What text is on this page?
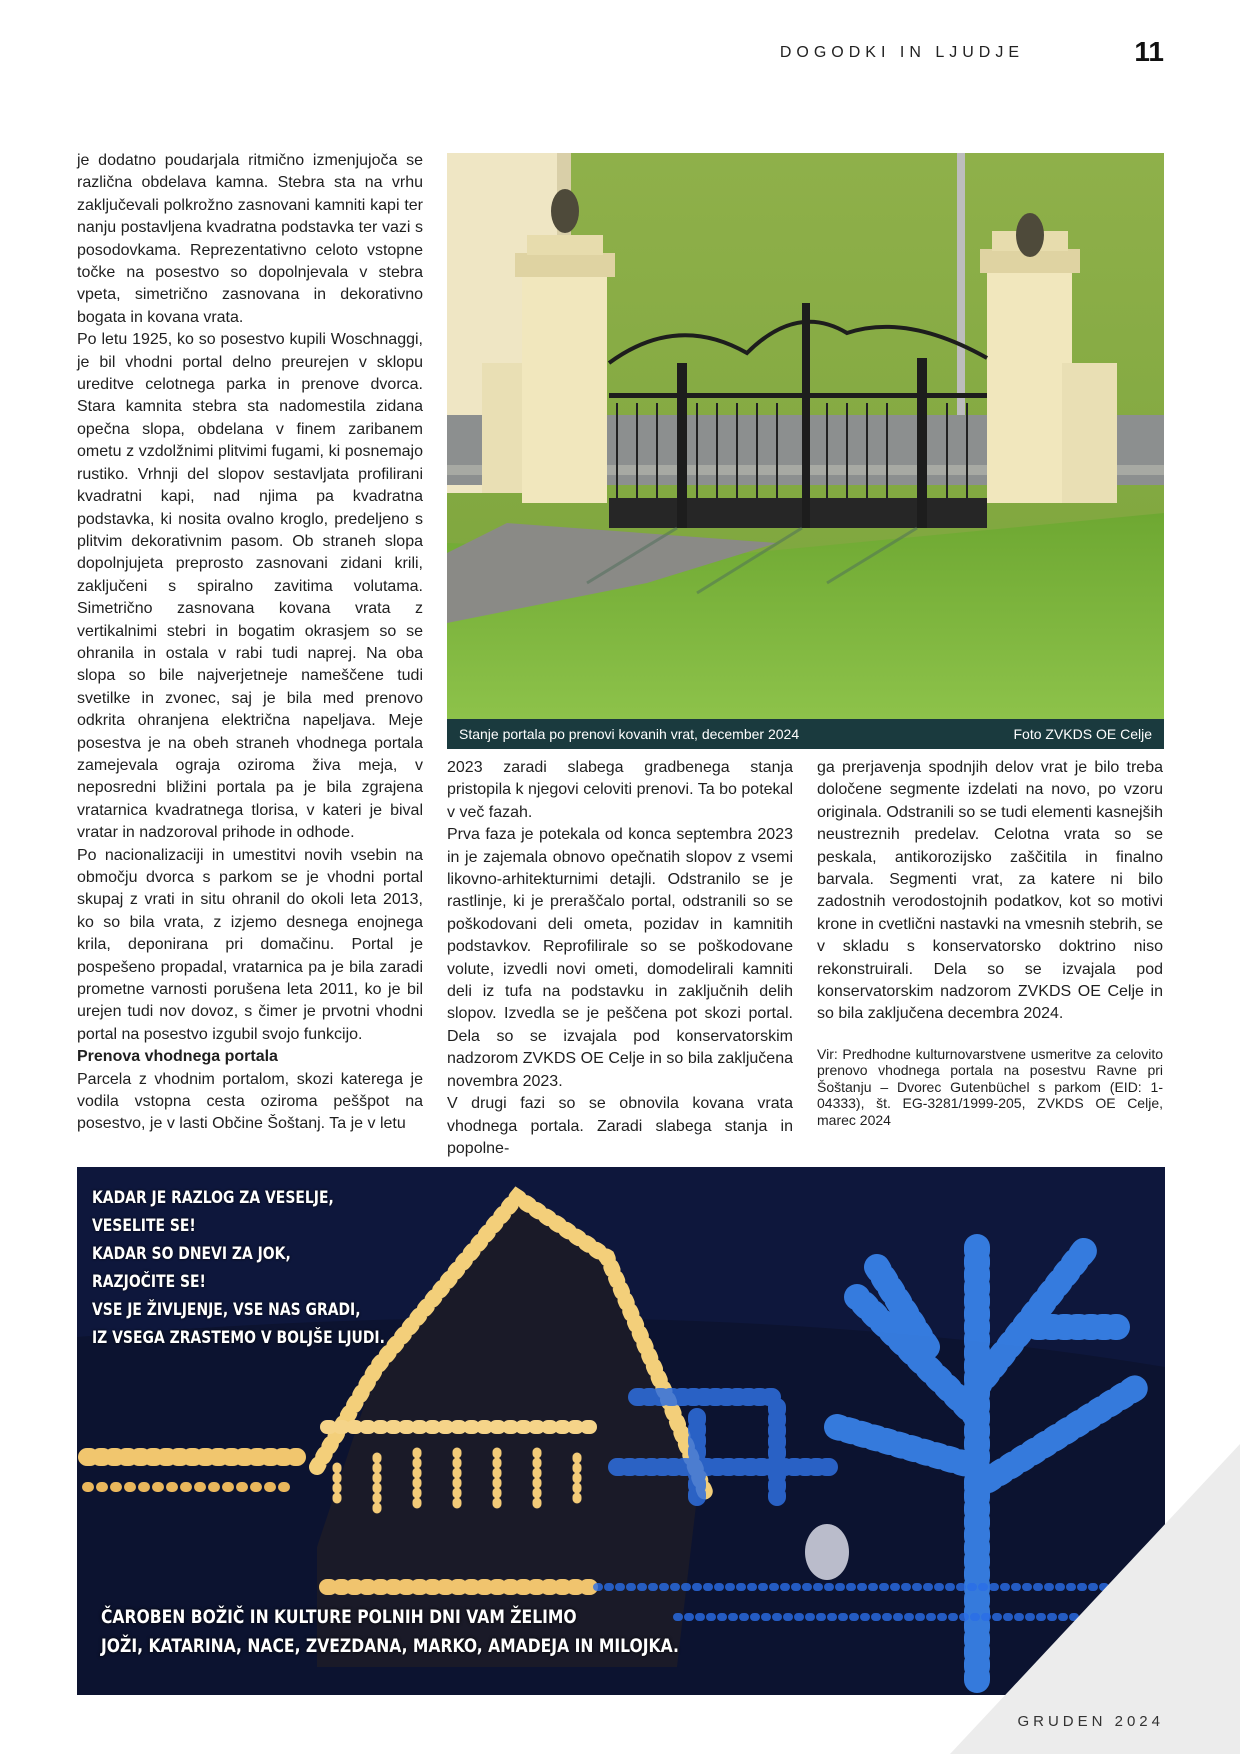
DOGODKI IN LJUDJE	11

je dodatno poudarjala ritmično izmenjujoča se različna obdelava kamna. Stebra sta na vrhu zaključevali polkrožno zasnovani kamniti kapi ter nanju postavljena kvadratna podstavka ter vazi s posodovkama. Reprezentativno celoto vstopne točke na posestvo so dopolnjevala v stebra vpeta, simetrično zasnovana in dekorativno bogata in kovana vrata.

Po letu 1925, ko so posestvo kupili Woschnaggi, je bil vhodni portal delno preurejen v sklopu ureditve celotnega parka in prenove dvorca. Stara kamnita stebra sta nadomestila zidana opečna slopa, obdelana v finem zaribanem ometu z vzdolžnimi plitvimi fugami, ki posnemajo rustiko. Vrhnji del slopov sestavljata profilirani kvadratni kapi, nad njima pa kvadratna podstavka, ki nosita ovalno kroglo, predeljeno s plitvim dekorativnim pasom. Ob straneh slopa dopolnjujeta preprosto zasnovani zidani krili, zaključeni s spiralno zavitima volutama. Simetrično zasnovana kovana vrata z vertikalnimi stebri in bogatim okrasjem so se ohranila in ostala v rabi tudi naprej. Na oba slopa so bile najverjetneje nameščene tudi svetilke in zvonec, saj je bila med prenovo odkrita ohranjena električna napeljava. Meje posestva je na obeh straneh vhodnega portala zamejevala ograja oziroma živa meja, v neposredni bližini portala pa je bila zgrajena vratarnica kvadratnega tlorisa, v kateri je bival vratar in nadzoroval prihode in odhode.

Po nacionalizaciji in umestitvi novih vsebin na območju dvorca s parkom se je vhodni portal skupaj z vrati in situ ohranil do okoli leta 2013, ko so bila vrata, z izjemo desnega enojnega krila, deponirana pri domačinu. Portal je pospešeno propadal, vratarnica pa je bila zaradi prometne varnosti porušena leta 2011, ko je bil urejen tudi nov dovoz, s čimer je prvotni vhodni portal na posestvo izgubil svojo funkcijo.

Prenova vhodnega portala

Parcela z vhodnim portalom, skozi katerega je vodila vstopna cesta oziroma peššpot na posestvo, je v lasti Občine Šoštanj. Ta je v letu

Stanje portala po prenovi kovanih vrat, december 2024	Foto ZVKDS OE Celje

2023 zaradi slabega gradbenega stanja pristopila k njegovi celoviti prenovi. Ta bo potekal v več fazah.

Prva faza je potekala od konca septembra 2023 in je zajemala obnovo opečnatih slopov z vsemi likovno-arhitekturnimi detajli. Odstranilo se je rastlinje, ki je preraščalo portal, odstranili so se poškodovani deli ometa, pozidav in kamnitih podstavkov. Reprofilirale so se poškodovane volute, izvedli novi ometi, domodelirali kamniti deli iz tufa na podstavku in zaključnih delih slopov. Izvedla se je peščena pot skozi portal. Dela so se izvajala pod konservatorskim nadzorom ZVKDS OE Celje in so bila zaključena novembra 2023.

V drugi fazi so se obnovila kovana vrata vhodnega portala. Zaradi slabega stanja in popolne-

ga prerjavenja spodnjih delov vrat je bilo treba določene segmente izdelati na novo, po vzoru originala. Odstranili so se tudi elementi kasnejših neustreznih predelav. Celotna vrata so se peskala, antikorozijsko zaščitila in finalno barvala. Segmenti vrat, za katere ni bilo zadostnih verodostojnih podatkov, kot so motivi krone in cvetlični nastavki na vmesnih stebrih, se v skladu s konservatorsko doktrino niso rekonstruirali. Dela so se izvajala pod konservatorskim nadzorom ZVKDS OE Celje in so bila zaključena decembra 2024.

Vir: Predhodne kulturnovarstvene usmeritve za celovito prenovo vhodnega portala na posestvu Ravne pri Šoštanju – Dvorec Gutenbüchel s parkom (EID: 1-04333), št. EG-3281/1999-205, ZVKDS OE Celje, marec 2024

KADAR JE RAZLOG ZA VESELJE,
VESELITE SE!
KADAR SO DNEVI ZA JOK,
RAZJOČITE SE!
VSE JE ŽIVLJENJE, VSE NAS GRADI,
IZ VSEGA ZRASTEMO V BOLJŠE LJUDI.
ČAROBEN BOŽIČ IN KULTURE POLNIH DNI VAM ŽELIMO
JOŽI, KATARINA, NACE, ZVEZDANA, MARKO, AMADEJA IN MILOJKA.
GRUDEN 2024
